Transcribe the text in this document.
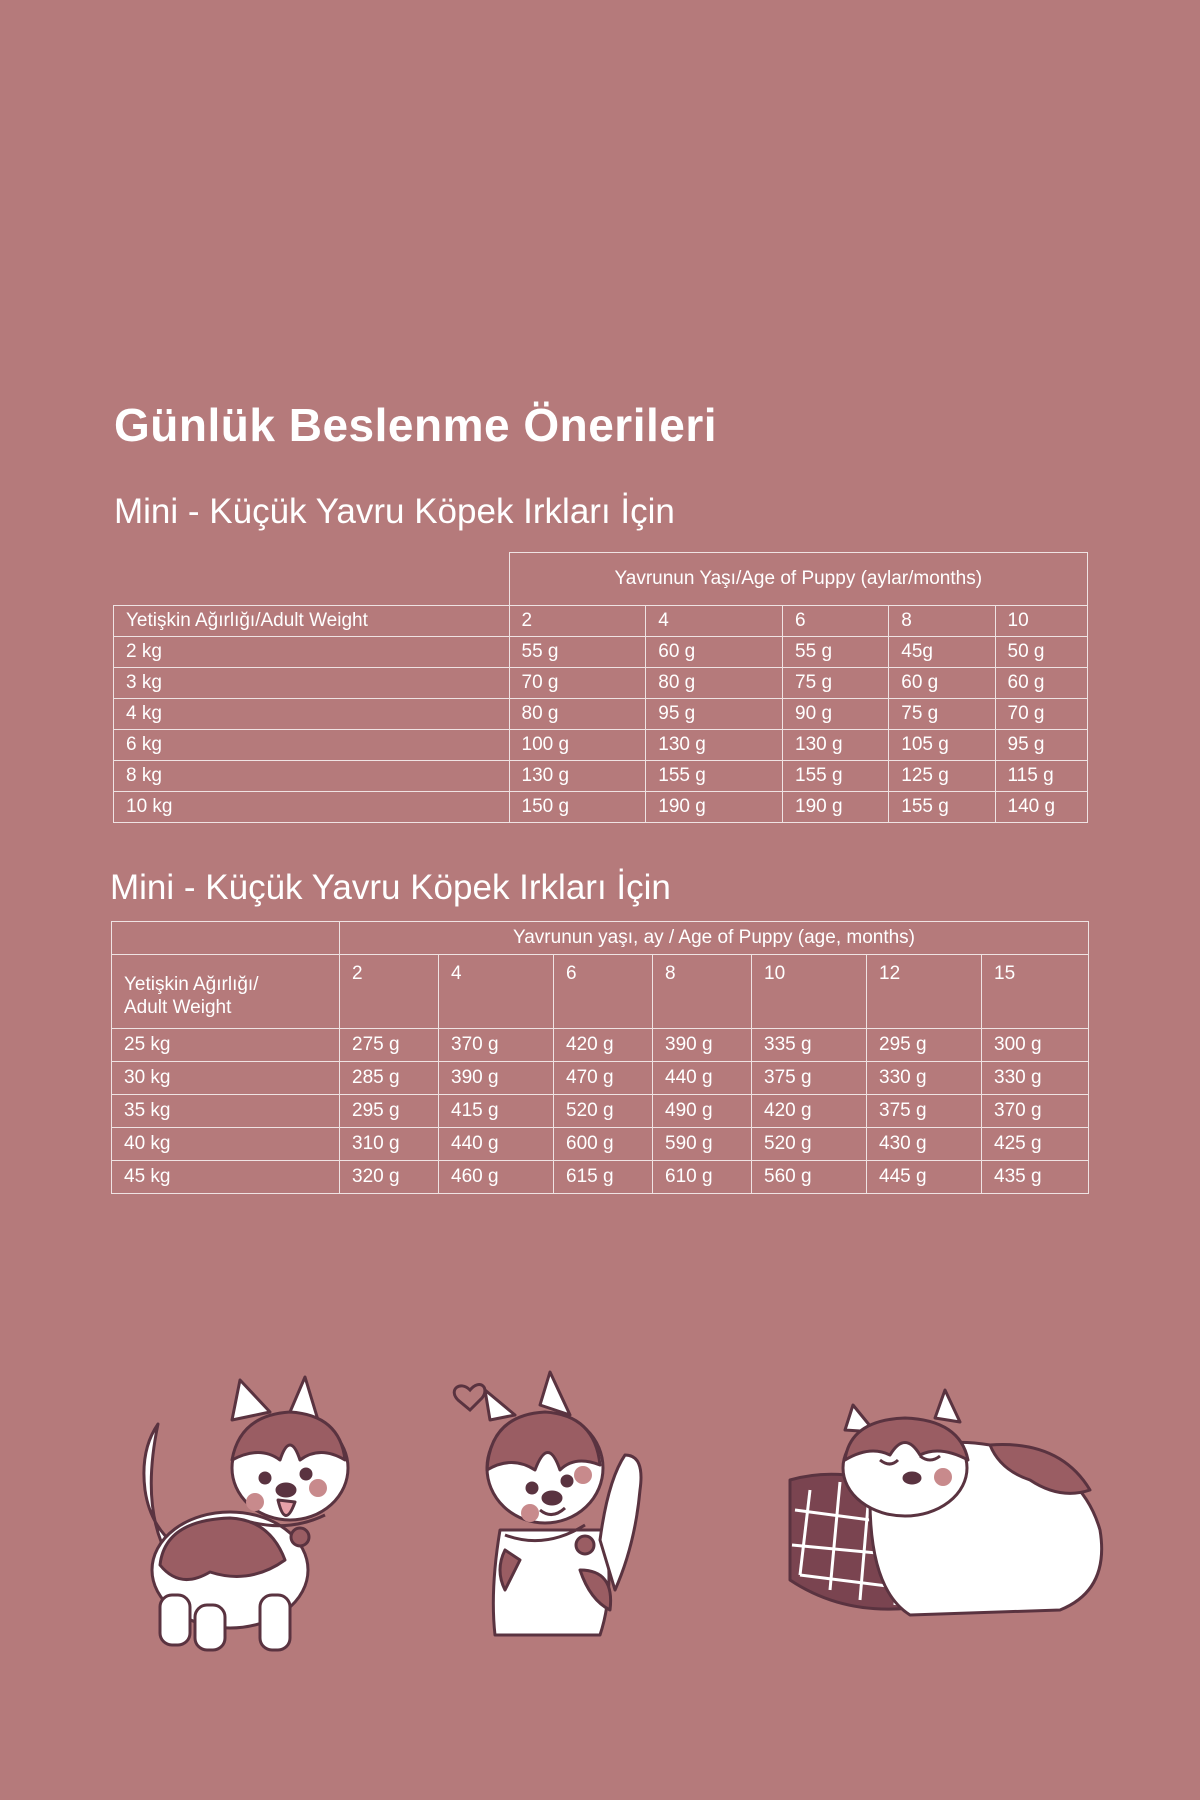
Günlük Beslenme Önerileri
Mini - Küçük Yavru Köpek Irkları İçin
	Yavrunun Yaşı/Age of Puppy (aylar/months)				
Yetişkin Ağırlığı/Adult Weight	2	4	6	8	10
2 kg	55 g	60 g	55 g	45g	50 g
3 kg	70 g	80 g	75 g	60 g	60 g
4 kg	80 g	95 g	90 g	75 g	70 g
6 kg	100 g	130 g	130 g	105 g	95 g
8 kg	130 g	155 g	155 g	125 g	115 g
10 kg	150 g	190 g	190 g	155 g	140 g
Mini - Küçük Yavru Köpek Irkları İçin
	Yavrunun yaşı, ay / Age of Puppy (age, months)						
Yetişkin Ağırlığı/
Adult Weight	2	4	6	8	10	12	15
25 kg	275 g	370 g	420 g	390 g	335 g	295 g	300 g
30 kg	285 g	390 g	470 g	440 g	375 g	330 g	330 g
35 kg	295 g	415 g	520 g	490 g	420 g	375 g	370 g
40 kg	310 g	440 g	600 g	590 g	520 g	430 g	425 g
45 kg	320 g	460 g	615 g	610 g	560 g	445 g	435 g
